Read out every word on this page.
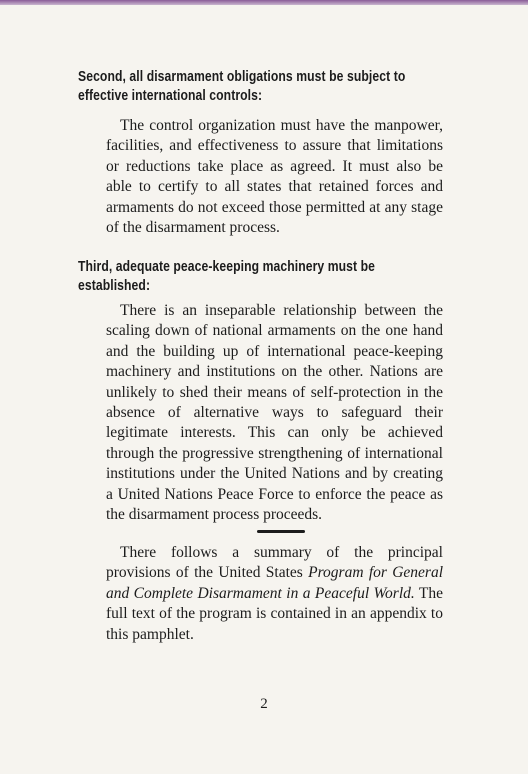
Second, all disarmament obligations must be subject to effective international controls:
The control organization must have the manpower, facilities, and effectiveness to assure that limitations or reductions take place as agreed. It must also be able to certify to all states that retained forces and armaments do not exceed those permitted at any stage of the disarmament process.
Third, adequate peace-keeping machinery must be established:
There is an inseparable relationship between the scaling down of national armaments on the one hand and the building up of international peace-keeping machinery and institutions on the other. Nations are unlikely to shed their means of self-protection in the absence of alternative ways to safeguard their legitimate interests. This can only be achieved through the progressive strengthening of international institutions under the United Nations and by creating a United Nations Peace Force to enforce the peace as the disarmament process proceeds.
There follows a summary of the principal provisions of the United States Program for General and Complete Disarmament in a Peaceful World. The full text of the program is contained in an appendix to this pamphlet.
2
